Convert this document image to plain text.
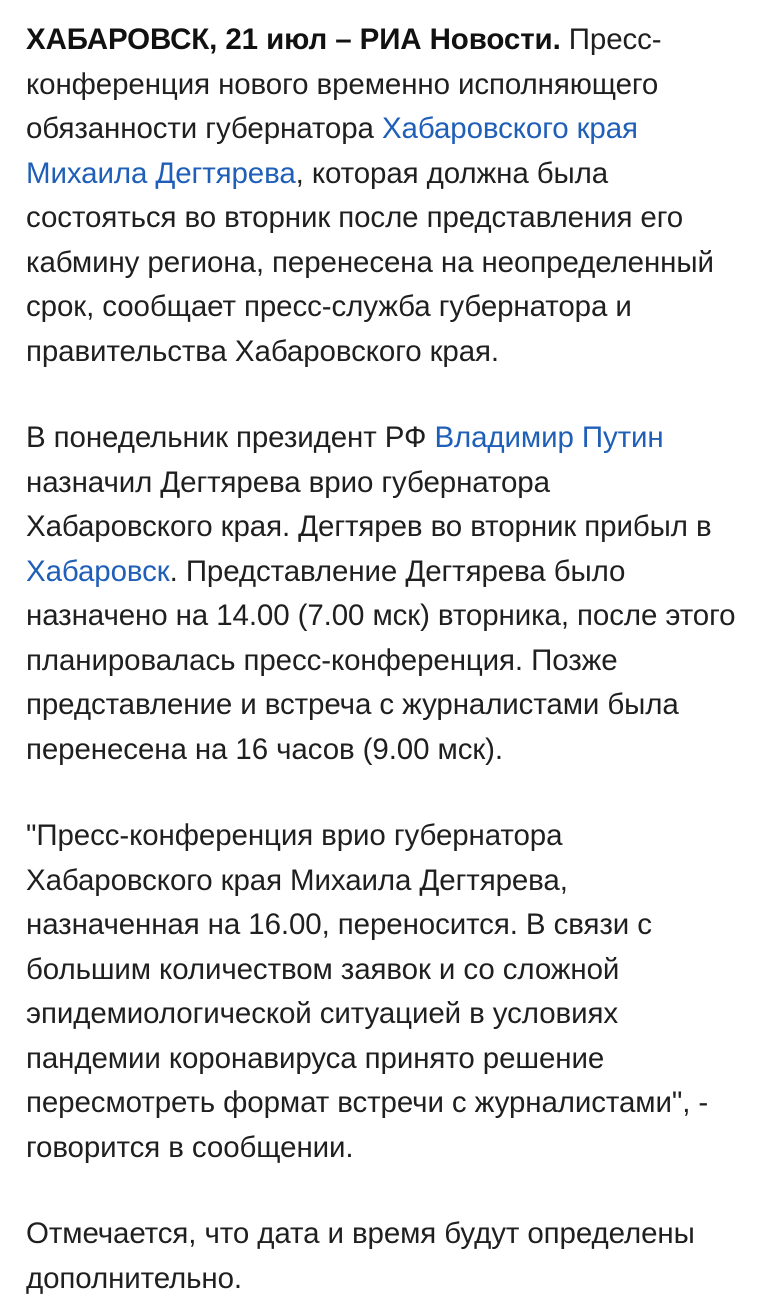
ХАБАРОВСК, 21 июл – РИА Новости. Пресс-конференция нового временно исполняющего обязанности губернатора Хабаровского края Михаила Дегтярева, которая должна была состояться во вторник после представления его кабмину региона, перенесена на неопределенный срок, сообщает пресс-служба губернатора и правительства Хабаровского края.

В понедельник президент РФ Владимир Путин назначил Дегтярева врио губернатора Хабаровского края. Дегтярев во вторник прибыл в Хабаровск. Представление Дегтярева было назначено на 14.00 (7.00 мск) вторника, после этого планировалась пресс-конференция. Позже представление и встреча с журналистами была перенесена на 16 часов (9.00 мск).

"Пресс-конференция врио губернатора Хабаровского края Михаила Дегтярева, назначенная на 16.00, переносится. В связи с большим количеством заявок и со сложной эпидемиологической ситуацией в условиях пандемии коронавируса принято решение пересмотреть формат встречи с журналистами", - говорится в сообщении.

Отмечается, что дата и время будут определены дополнительно.
